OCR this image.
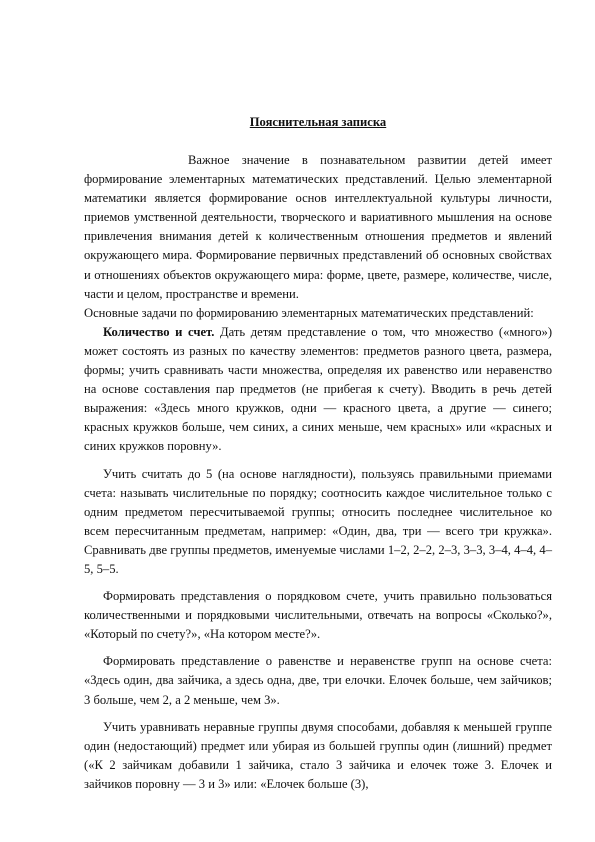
Пояснительная записка

Важное значение в познавательном развитии детей имеет формирование элементарных математических представлений. Целью элементарной математики является формирование основ интеллектуальной культуры личности, приемов умственной деятельности, творческого и вариативного мышления на основе привлечения внимания детей к количественным отношения предметов и явлений окружающего мира. Формирование первичных представлений об основных свойствах и отношениях объектов окружающего мира: форме, цвете, размере, количестве, числе, части и целом, пространстве и времени.

Основные задачи по формированию элементарных математических представлений:

Количество и счет. Дать детям представление о том, что множество («много») может состоять из разных по качеству элементов: предметов разного цвета, размера, формы; учить сравнивать части множества, определяя их равенство или неравенство на основе составления пар предметов (не прибегая к счету). Вводить в речь детей выражения: «Здесь много кружков, одни — красного цвета, а другие — синего; красных кружков больше, чем синих, а синих меньше, чем красных» или «красных и синих кружков поровну».

Учить считать до 5 (на основе наглядности), пользуясь правильными приемами счета: называть числительные по порядку; соотносить каждое числительное только с одним предметом пересчитываемой группы; относить последнее числительное ко всем пересчитанным предметам, например: «Один, два, три — всего три кружка». Сравнивать две группы предметов, именуемые числами 1–2, 2–2, 2–3, 3–3, 3–4, 4–4, 4–5, 5–5.

Формировать представления о порядковом счете, учить правильно пользоваться количественными и порядковыми числительными, отвечать на вопросы «Сколько?», «Который по счету?», «На котором месте?».

Формировать представление о равенстве и неравенстве групп на основе счета: «Здесь один, два зайчика, а здесь одна, две, три елочки. Елочек больше, чем зайчиков; 3 больше, чем 2, а 2 меньше, чем 3».

Учить уравнивать неравные группы двумя способами, добавляя к меньшей группе один (недостающий) предмет или убирая из большей группы один (лишний) предмет («К 2 зайчикам добавили 1 зайчика, стало 3 зайчика и елочек тоже 3. Елочек и зайчиков поровну — 3 и 3» или: «Елочек больше (3),
